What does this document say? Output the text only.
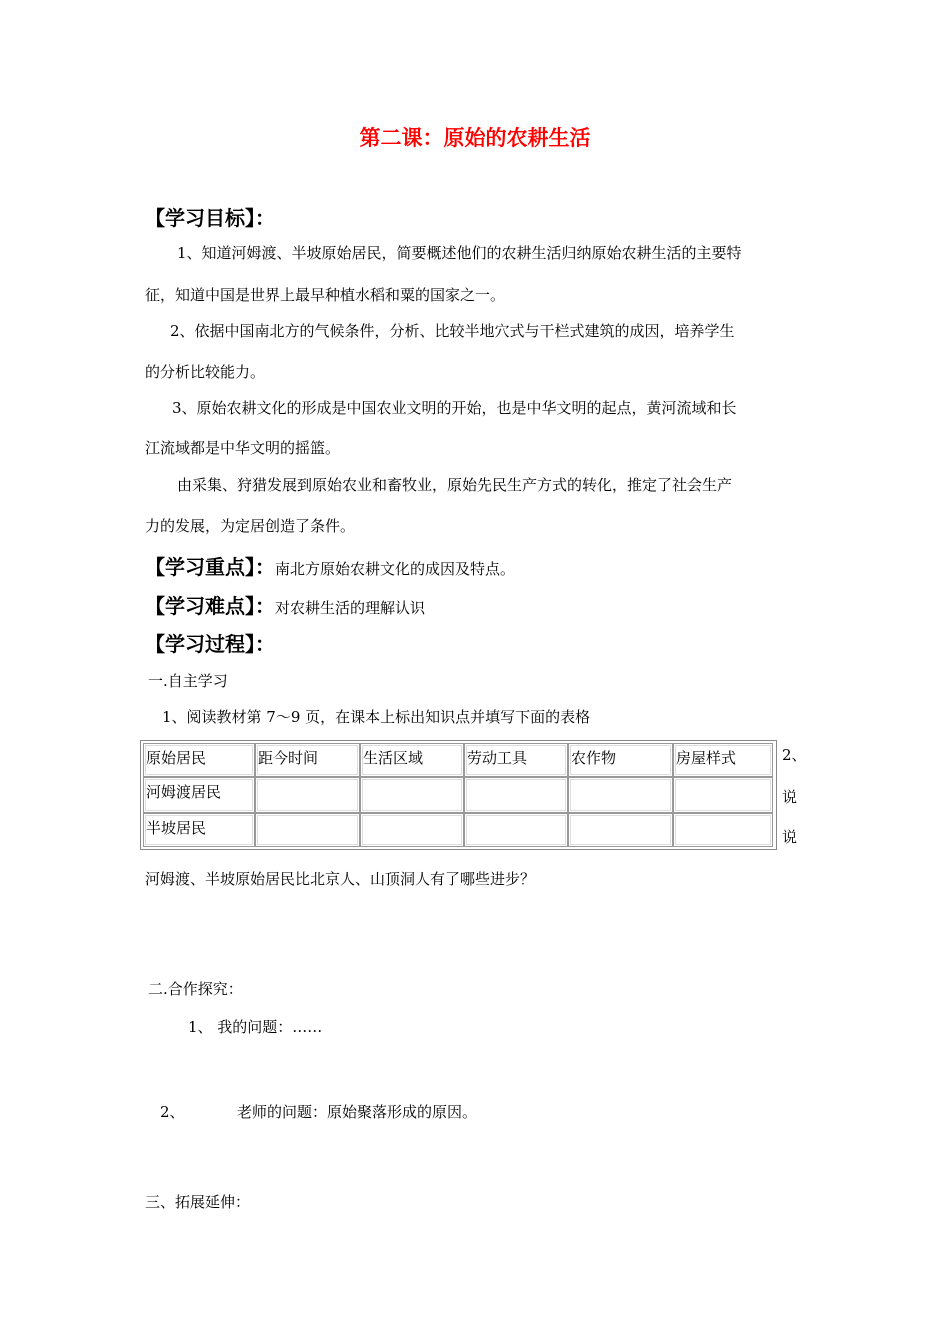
第二课：原始的农耕生活
【学习目标】：
1、知道河姆渡、半坡原始居民，简要概述他们的农耕生活归纳原始农耕生活的主要特
征，知道中国是世界上最早种植水稻和粟的国家之一。
2、依据中国南北方的气候条件，分析、比较半地穴式与干栏式建筑的成因，培养学生
的分析比较能力。
3、原始农耕文化的形成是中国农业文明的开始，也是中华文明的起点，黄河流域和长
江流域都是中华文明的摇篮。
由采集、狩猎发展到原始农业和畜牧业，原始先民生产方式的转化，推定了社会生产
力的发展，为定居创造了条件。
【学习重点】：南北方原始农耕文化的成因及特点。
【学习难点】：对农耕生活的理解认识
【学习过程】：
一.自主学习
1、阅读教材第 7～9 页，在课本上标出知识点并填写下面的表格
原始居民	距今时间	生活区域	劳动工具	农作物	房屋样式
河姆渡居民
半坡居民
2、
说
说
河姆渡、半坡原始居民比北京人、山顶洞人有了哪些进步？
二.合作探究：
1、 我的问题：……
2、	老师的问题：原始聚落形成的原因。
三、拓展延伸：
